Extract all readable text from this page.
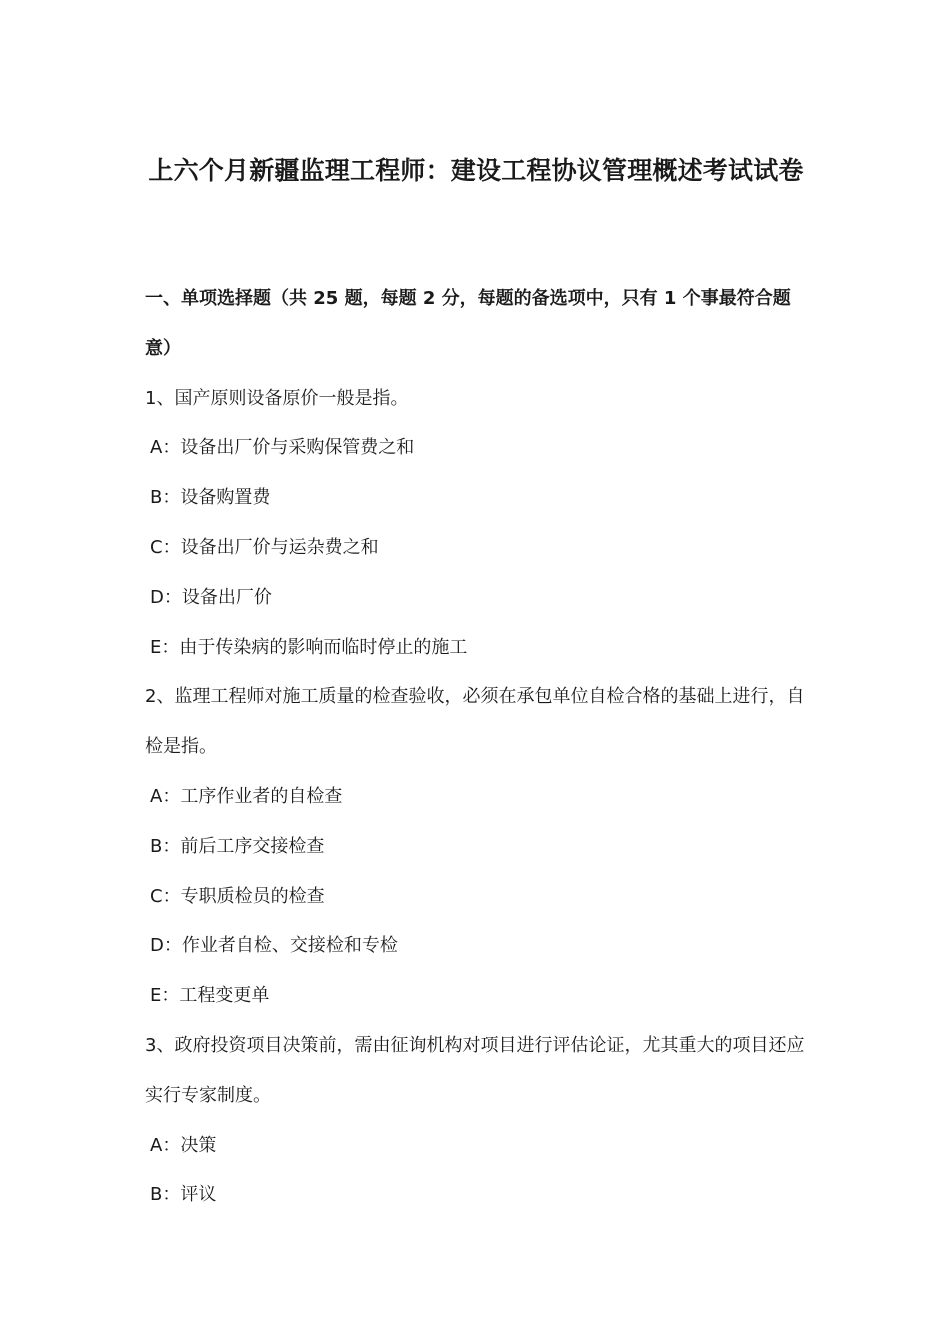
上六个月新疆监理工程师：建设工程协议管理概述考试试卷

一、单项选择题（共 25 题，每题 2 分，每题的备选项中，只有 1 个事最符合题意）

1、国产原则设备原价一般是指。

A：设备出厂价与采购保管费之和

B：设备购置费

C：设备出厂价与运杂费之和

D：设备出厂价

E：由于传染病的影响而临时停止的施工

2、监理工程师对施工质量的检查验收，必须在承包单位自检合格的基础上进行，自检是指。

A：工序作业者的自检查

B：前后工序交接检查

C：专职质检员的检查

D：作业者自检、交接检和专检

E：工程变更单

3、政府投资项目决策前，需由征询机构对项目进行评估论证，尤其重大的项目还应实行专家制度。

A：决策

B：评议
